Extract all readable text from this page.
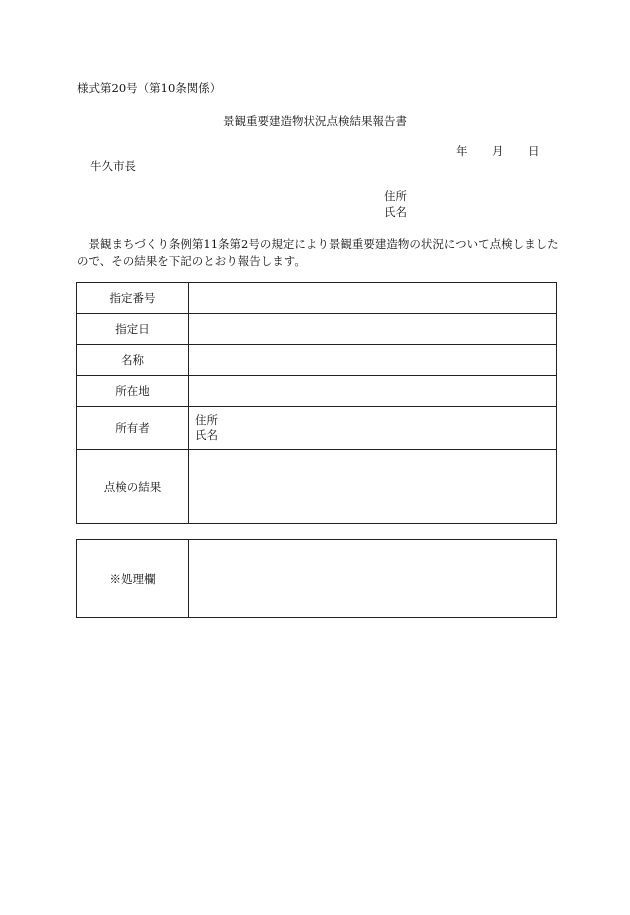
様式第20号（第10条関係）
景観重要建造物状況点検結果報告書
年 月 日
牛久市長
住所
氏名
景観まちづくり条例第11条第2号の規定により景観重要建造物の状況について点検しましたので、その結果を下記のとおり報告します。
指定番号	
指定日	
名称	
所在地	
所有者	住所
氏名

点検の結果	
※処理欄	
